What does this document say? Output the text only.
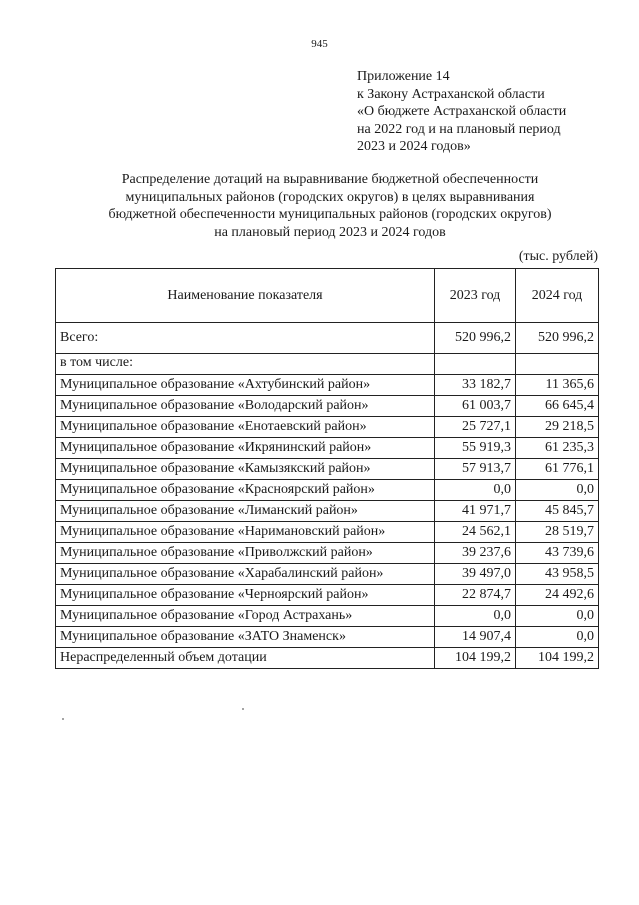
945
Приложение 14
к Закону Астраханской области
«О бюджете Астраханской области
на 2022 год и на плановый период
2023 и 2024 годов»
Распределение дотаций на выравнивание бюджетной обеспеченности
муниципальных районов (городских округов) в целях выравнивания
бюджетной обеспеченности муниципальных районов (городских округов)
на плановый период 2023 и 2024 годов
(тыс. рублей)
Наименование показателя	2023 год	2024 год
Всего:	520 996,2	520 996,2
в том числе:		
Муниципальное образование «Ахтубинский район»	33 182,7	11 365,6
Муниципальное образование «Володарский район»	61 003,7	66 645,4
Муниципальное образование «Енотаевский район»	25 727,1	29 218,5
Муниципальное образование «Икрянинский район»	55 919,3	61 235,3
Муниципальное образование «Камызякский район»	57 913,7	61 776,1
Муниципальное образование «Красноярский район»	0,0	0,0
Муниципальное образование «Лиманский район»	41 971,7	45 845,7
Муниципальное образование «Наримановский район»	24 562,1	28 519,7
Муниципальное образование «Приволжский район»	39 237,6	43 739,6
Муниципальное образование «Харабалинский район»	39 497,0	43 958,5
Муниципальное образование «Черноярский район»	22 874,7	24 492,6
Муниципальное образование «Город Астрахань»	0,0	0,0
Муниципальное образование «ЗАТО Знаменск»	14 907,4	0,0
Нераспределенный объем дотации	104 199,2	104 199,2
